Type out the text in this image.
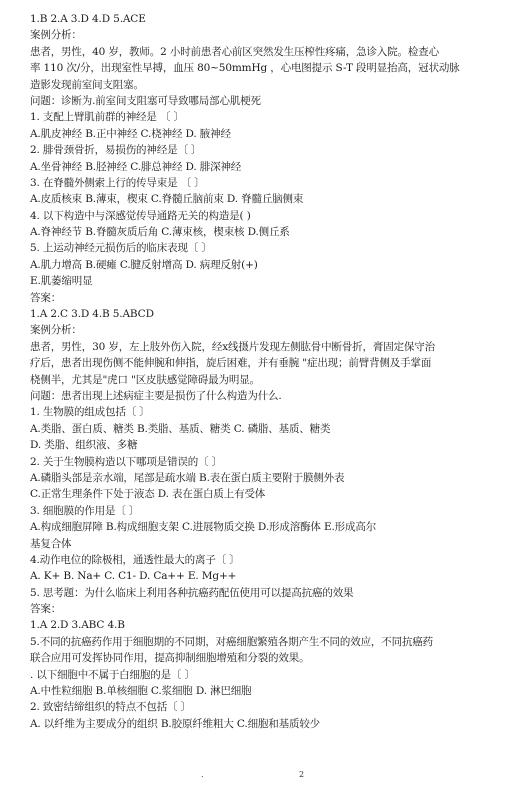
1.B 2.A 3.D 4.D 5.ACE
案例分析：
患者，男性，40 岁，教师。2 小时前患者心前区突然发生压榨性疼痛，急诊入院。检查心
率 110 次/分，出现室性早搏，血压 80~50mmHg ，心电图提示 S-T 段明显抬高，冠状动脉
造影发现前室间支阻塞。
问题：诊断为.前室间支阻塞可导致哪局部心肌梗死
1. 支配上臂肌前群的神经是 〔 〕
A.肌皮神经 B.正中神经 C.桡神经 D. 腋神经
2. 腓骨颈骨折，易损伤的神经是〔 〕
A.坐骨神经 B.胫神经 C.腓总神经 D. 腓深神经
3. 在脊髓外侧索上行的传导束是 〔 〕
A.皮质核束 B.薄束，楔束 C.脊髓丘脑前束 D. 脊髓丘脑侧束
4. 以下构造中与深感觉传导通路无关的构造是( )
A.脊神经节 B.脊髓灰质后角 C.薄束核，楔束核 D.侧丘系
5. 上运动神经元损伤后的临床表现〔 〕
A.肌力增高 B.硬瘫 C.腱反射增高 D. 病理反射(+)
E.肌萎缩明显
答案：
1.A 2.C 3.D 4.B 5.ABCD
案例分析：
患者，男性，30 岁，左上肢外伤入院，经x线摄片发现左侧肱骨中断骨折，膏固定保守治
疗后，患者出现伤侧不能伸腕和伸指，旋后困难，并有垂腕 "症出现；前臂背侧及手掌面
桡侧半，尤其是"虎口 "区皮肤感觉障碍最为明显。
问题：患者出现上述病症主要是损伤了什么构造为什么.
1. 生物膜的组成包括〔 〕
A.类脂、蛋白质、糖类 B.类脂、基质、糖类 C. 磷脂、基质、糖类
D. 类脂、组织液、多糖
2. 关于生物膜构造以下哪项是错误的〔 〕
A.磷脂头部是亲水端，尾部是疏水端 B.表在蛋白质主要附于膜侧外表
C.正常生理条件下处于液态 D. 表在蛋白质上有受体
3. 细胞膜的作用是〔 〕
A.构成细胞屏障 B.构成细胞支架 C.进展物质交换 D.形成溶酶体 E.形成高尔
基复合体
4.动作电位的除极相，通透性最大的离子〔 〕
A. K+ B. Na+ C. C1- D. Ca++ E. Mg++
5. 思考题：为什么临床上利用各种抗癌药配伍使用可以提高抗癌的效果
答案：
1.A 2.D 3.ABC 4.B
5.不同的抗癌药作用于细胞期的不同期，对癌细胞繁殖各期产生不同的效应，不同抗癌药
联合应用可发挥协同作用，提高抑制细胞增殖和分裂的效果。
. 以下细胞中不属于白细胞的是〔 〕
A.中性粒细胞 B.单核细胞 C.浆细胞 D. 淋巴细胞
2. 致密结缔组织的特点不包括〔 〕
A. 以纤维为主要成分的组织 B.胶原纤维粗大 C.细胞和基质较少
.	2
